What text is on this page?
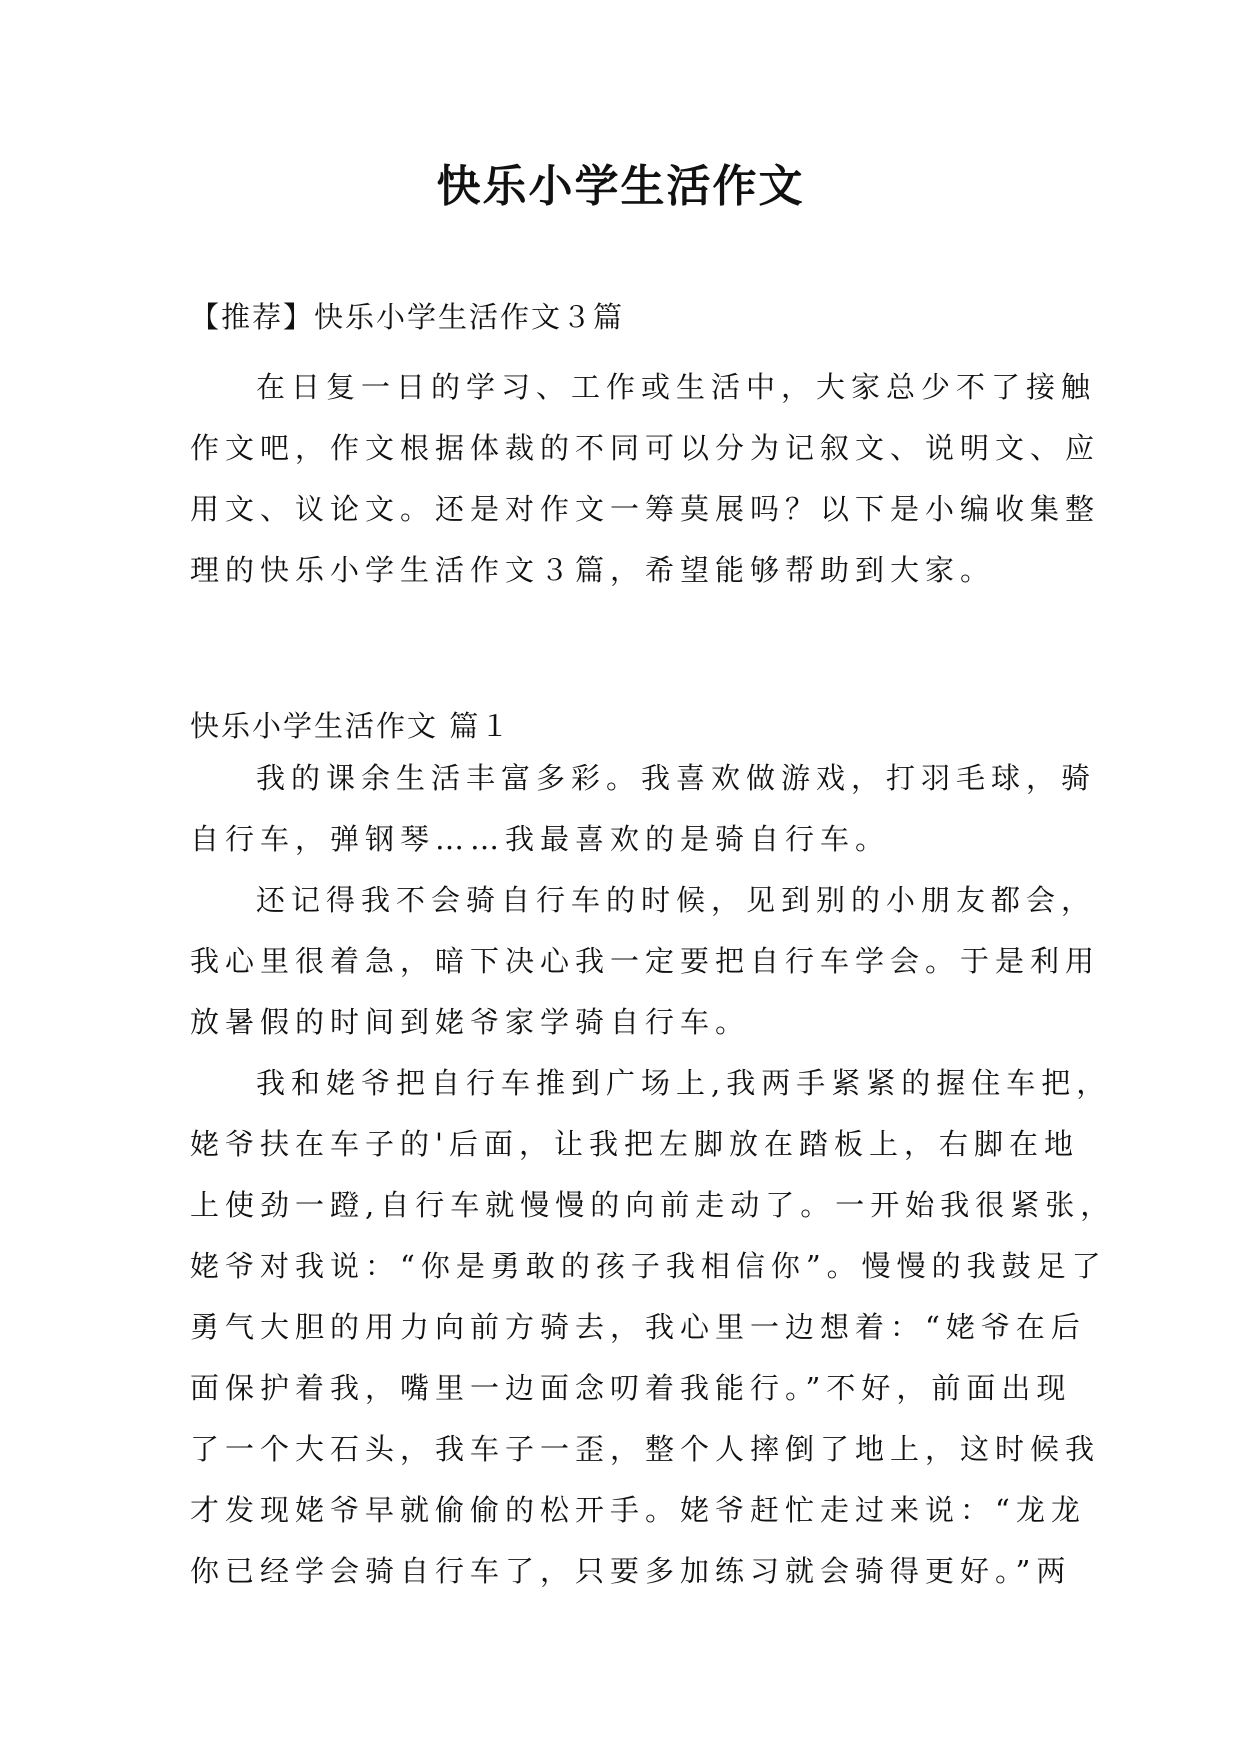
快乐小学生活作文

【推荐】快乐小学生活作文３篇

在日复一日的学习、工作或生活中，大家总少不了接触
作文吧，作文根据体裁的不同可以分为记叙文、说明文、应
用文、议论文。还是对作文一筹莫展吗？以下是小编收集整
理的快乐小学生活作文３篇，希望能够帮助到大家。

快乐小学生活作文 篇１

我的课余生活丰富多彩。我喜欢做游戏，打羽毛球，骑
自行车，弹钢琴……我最喜欢的是骑自行车。

还记得我不会骑自行车的时候，见到别的小朋友都会，
我心里很着急，暗下决心我一定要把自行车学会。于是利用
放暑假的时间到姥爷家学骑自行车。

我和姥爷把自行车推到广场上,我两手紧紧的握住车把，
姥爷扶在车子的'后面，让我把左脚放在踏板上，右脚在地
上使劲一蹬,自行车就慢慢的向前走动了。一开始我很紧张，
姥爷对我说：“你是勇敢的孩子我相信你”。慢慢的我鼓足了
勇气大胆的用力向前方骑去，我心里一边想着：“姥爷在后
面保护着我，嘴里一边面念叨着我能行。”不好，前面出现
了一个大石头，我车子一歪，整个人摔倒了地上，这时候我
才发现姥爷早就偷偷的松开手。姥爷赶忙走过来说：“龙龙
你已经学会骑自行车了，只要多加练习就会骑得更好。”两
